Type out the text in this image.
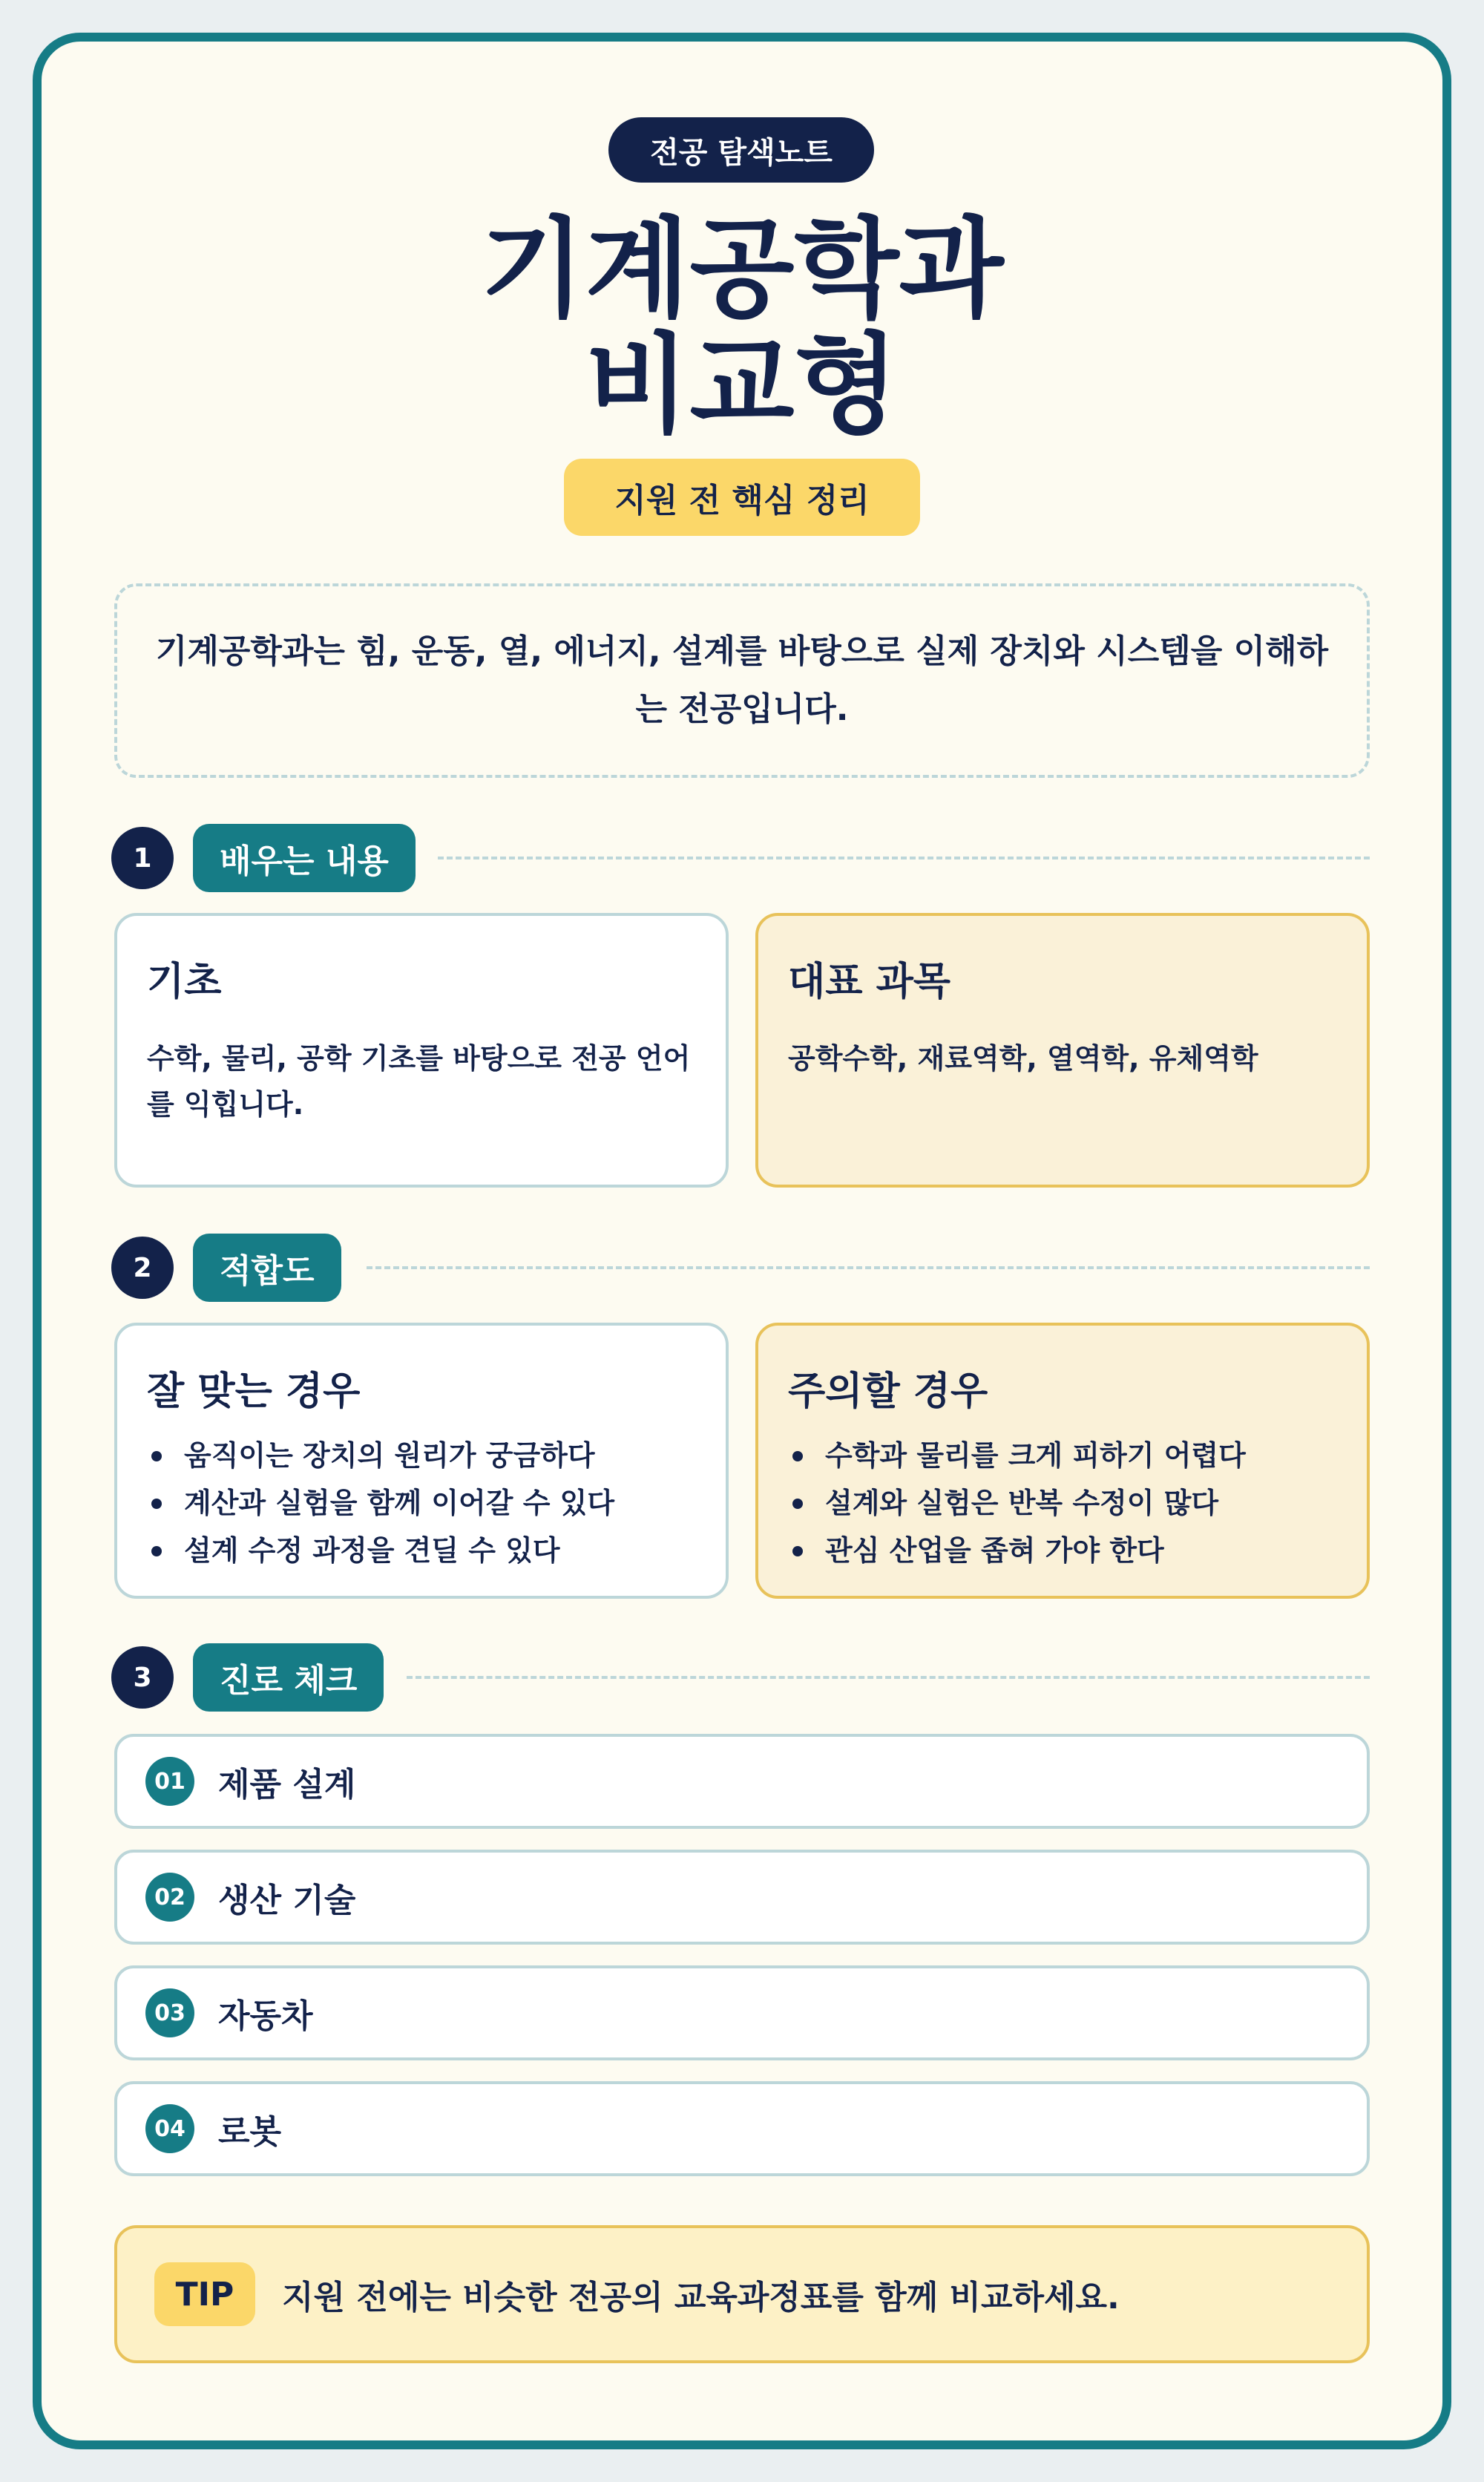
전공 탐색노트
기계공학과
비교형
지원 전 핵심 정리
기계공학과는 힘, 운동, 열, 에너지, 설계를 바탕으로 실제 장치와 시스템을 이해하는 전공입니다.
1	배우는 내용
기초
수학, 물리, 공학 기초를 바탕으로 전공 언어를 익힙니다.
대표 과목
공학수학, 재료역학, 열역학, 유체역학
2	적합도
잘 맞는 경우
움직이는 장치의 원리가 궁금하다
계산과 실험을 함께 이어갈 수 있다
설계 수정 과정을 견딜 수 있다
주의할 경우
수학과 물리를 크게 피하기 어렵다
설계와 실험은 반복 수정이 많다
관심 산업을 좁혀 가야 한다
3	진로 체크
01 제품 설계
02 생산 기술
03 자동차
04 로봇
TIP	지원 전에는 비슷한 전공의 교육과정표를 함께 비교하세요.
